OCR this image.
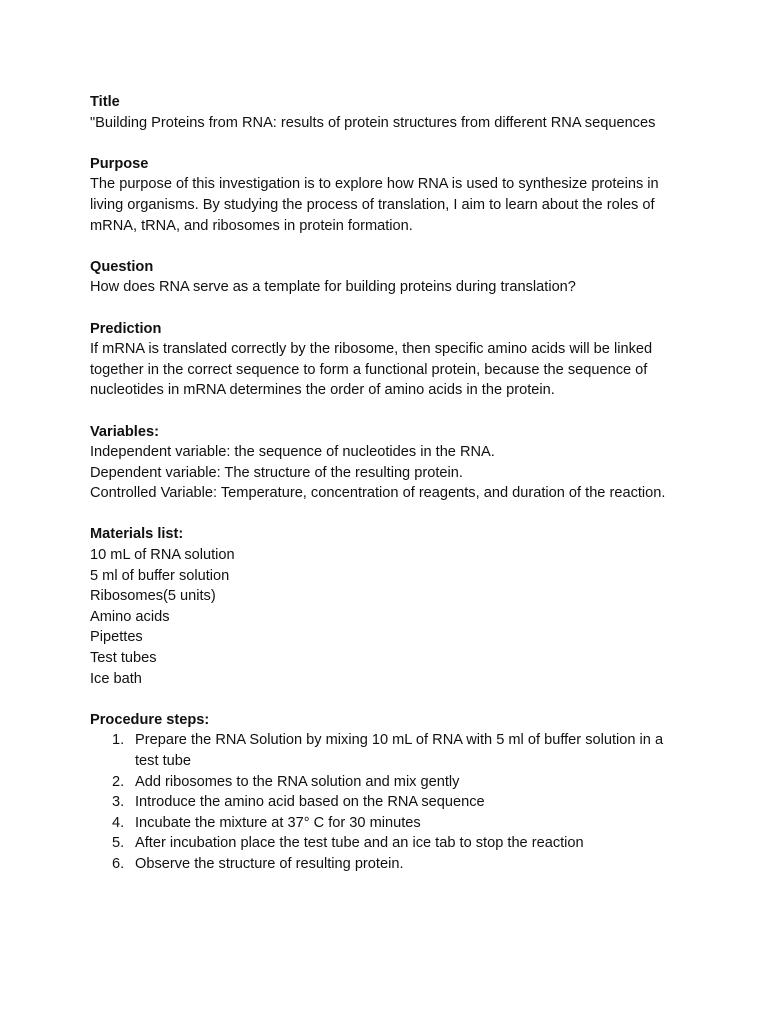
Title
"Building Proteins from RNA: results of protein structures from different RNA sequences
Purpose
The purpose of this investigation is to explore how RNA is used to synthesize proteins in living organisms. By studying the process of translation, I aim to learn about the roles of mRNA, tRNA, and ribosomes in protein formation.
Question
How does RNA serve as a template for building proteins during translation?
Prediction
If mRNA is translated correctly by the ribosome, then specific amino acids will be linked together in the correct sequence to form a functional protein, because the sequence of nucleotides in mRNA determines the order of amino acids in the protein.
Variables:
Independent variable: the sequence of nucleotides in the RNA.
Dependent variable: The structure of the resulting protein.
Controlled Variable: Temperature, concentration of reagents, and duration of the reaction.
Materials list:
10 mL of RNA solution
5 ml of buffer solution
Ribosomes(5 units)
Amino acids
Pipettes
Test tubes
Ice bath
Procedure steps:
1. Prepare the RNA Solution by mixing 10 mL of RNA with 5 ml of buffer solution in a test tube
2. Add ribosomes to the RNA solution and mix gently
3. Introduce the amino acid based on the RNA sequence
4. Incubate the mixture at 37° C for 30 minutes
5. After incubation place the test tube and an ice tab to stop the reaction
6. Observe the structure of resulting protein.
